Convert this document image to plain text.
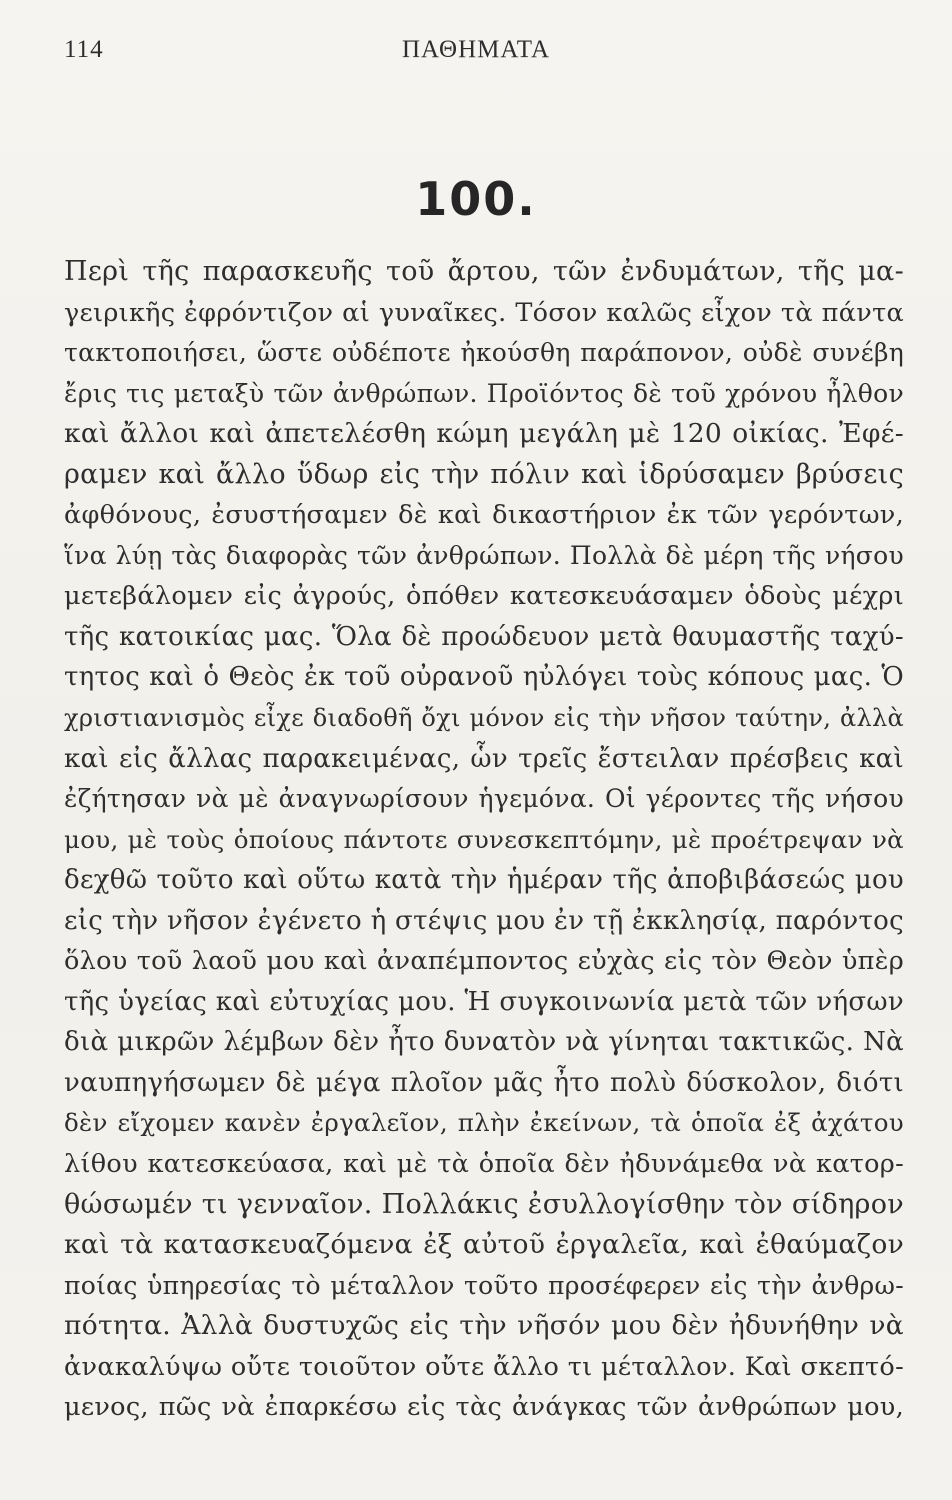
114	ΠΑΘΗΜΑΤΑ
100.
Περὶ τῆς παρασκευῆς τοῦ ἄρτου, τῶν ἐνδυμάτων, τῆς μα-
γειρικῆς ἐφρόντιζον αἱ γυναῖκες. Τόσον καλῶς εἶχον τὰ πάντα
τακτοποιήσει, ὥστε οὐδέποτε ἠκούσθη παράπονον, οὐδὲ συνέβη
ἔρις τις μεταξὺ τῶν ἀνθρώπων. Προϊόντος δὲ τοῦ χρόνου ἦλθον
καὶ ἄλλοι καὶ ἀπετελέσθη κώμη μεγάλη μὲ 120 οἰκίας. Ἐφέ-
ραμεν καὶ ἄλλο ὕδωρ εἰς τὴν πόλιν καὶ ἱδρύσαμεν βρύσεις
ἀφθόνους, ἐσυστήσαμεν δὲ καὶ δικαστήριον ἐκ τῶν γερόντων,
ἵνα λύῃ τὰς διαφορὰς τῶν ἀνθρώπων. Πολλὰ δὲ μέρη τῆς νήσου
μετεβάλομεν εἰς ἀγρούς, ὁπόθεν κατεσκευάσαμεν ὁδοὺς μέχρι
τῆς κατοικίας μας. Ὅλα δὲ προώδευον μετὰ θαυμαστῆς ταχύ-
τητος καὶ ὁ Θεὸς ἐκ τοῦ οὐρανοῦ ηὐλόγει τοὺς κόπους μας. Ὁ
χριστιανισμὸς εἶχε διαδοθῆ ὄχι μόνον εἰς τὴν νῆσον ταύτην, ἀλλὰ
καὶ εἰς ἄλλας παρακειμένας, ὧν τρεῖς ἔστειλαν πρέσβεις καὶ
ἐζήτησαν νὰ μὲ ἀναγνωρίσουν ἡγεμόνα. Οἱ γέροντες τῆς νήσου
μου, μὲ τοὺς ὁποίους πάντοτε συνεσκεπτόμην, μὲ προέτρεψαν νὰ
δεχθῶ τοῦτο καὶ οὕτω κατὰ τὴν ἡμέραν τῆς ἀποβιβάσεώς μου
εἰς τὴν νῆσον ἐγένετο ἡ στέψις μου ἐν τῇ ἐκκλησίᾳ, παρόντος
ὅλου τοῦ λαοῦ μου καὶ ἀναπέμποντος εὐχὰς εἰς τὸν Θεὸν ὑπὲρ
τῆς ὑγείας καὶ εὐτυχίας μου. Ἡ συγκοινωνία μετὰ τῶν νήσων
διὰ μικρῶν λέμβων δὲν ἦτο δυνατὸν νὰ γίνηται τακτικῶς. Νὰ
ναυπηγήσωμεν δὲ μέγα πλοῖον μᾶς ἦτο πολὺ δύσκολον, διότι
δὲν εἴχομεν κανὲν ἐργαλεῖον, πλὴν ἐκείνων, τὰ ὁποῖα ἐξ ἀχάτου
λίθου κατεσκεύασα, καὶ μὲ τὰ ὁποῖα δὲν ἠδυνάμεθα νὰ κατορ-
θώσωμέν τι γενναῖον. Πολλάκις ἐσυλλογίσθην τὸν σίδηρον
καὶ τὰ κατασκευαζόμενα ἐξ αὐτοῦ ἐργαλεῖα, καὶ ἐθαύμαζον
ποίας ὑπηρεσίας τὸ μέταλλον τοῦτο προσέφερεν εἰς τὴν ἀνθρω-
πότητα. Ἀλλὰ δυστυχῶς εἰς τὴν νῆσόν μου δὲν ἠδυνήθην νὰ
ἀνακαλύψω οὔτε τοιοῦτον οὔτε ἄλλο τι μέταλλον. Καὶ σκεπτό-
μενος, πῶς νὰ ἐπαρκέσω εἰς τὰς ἀνάγκας τῶν ἀνθρώπων μου,
